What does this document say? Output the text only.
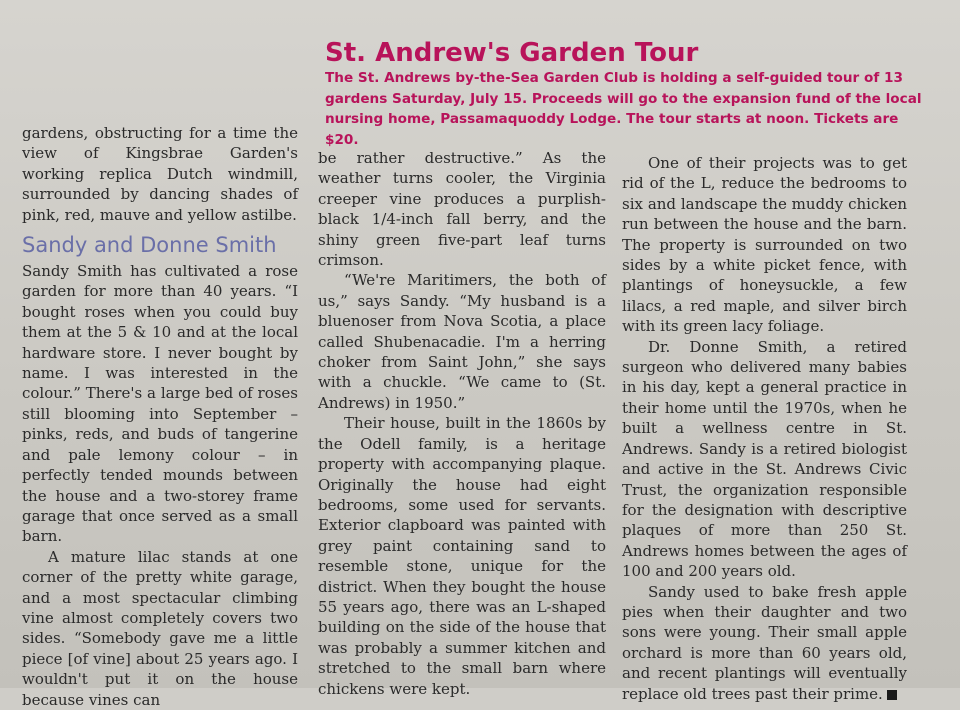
St. Andrew's Garden Tour

The St. Andrews by-the-Sea Garden Club is holding a self-guided tour of 13 gardens Saturday, July 15. Proceeds will go to the expansion fund of the local nursing home, Passamaquoddy Lodge. The tour starts at noon. Tickets are $20.

gardens, obstructing for a time the view of Kingsbrae Garden's working replica Dutch windmill, surrounded by dancing shades of pink, red, mauve and yellow astilbe.

Sandy and Donne Smith

Sandy Smith has cultivated a rose garden for more than 40 years. “I bought roses when you could buy them at the 5 & 10 and at the local hardware store. I never bought by name. I was interested in the colour.” There's a large bed of roses still blooming into September – pinks, reds, and buds of tangerine and pale lemony colour – in perfectly tended mounds between the house and a two-storey frame garage that once served as a small barn.

A mature lilac stands at one corner of the pretty white garage, and a most spectacular climbing vine almost completely covers two sides. “Somebody gave me a little piece [of vine] about 25 years ago. I wouldn't put it on the house because vines can

be rather destructive.” As the weather turns cooler, the Virginia creeper vine produces a purplish-black 1/4-inch fall berry, and the shiny green five-part leaf turns crimson.

“We're Maritimers, the both of us,” says Sandy. “My husband is a bluenoser from Nova Scotia, a place called Shubenacadie. I'm a herring choker from Saint John,” she says with a chuckle. “We came to (St. Andrews) in 1950.”

Their house, built in the 1860s by the Odell family, is a heritage property with accompanying plaque. Originally the house had eight bedrooms, some used for servants. Exterior clapboard was painted with grey paint containing sand to resemble stone, unique for the district. When they bought the house 55 years ago, there was an L-shaped building on the side of the house that was probably a summer kitchen and stretched to the small barn where chickens were kept.

One of their projects was to get rid of the L, reduce the bedrooms to six and landscape the muddy chicken run between the house and the barn. The property is surrounded on two sides by a white picket fence, with plantings of honeysuckle, a few lilacs, a red maple, and silver birch with its green lacy foliage.

Dr. Donne Smith, a retired surgeon who delivered many babies in his day, kept a general practice in their home until the 1970s, when he built a wellness centre in St. Andrews. Sandy is a retired biologist and active in the St. Andrews Civic Trust, the organization responsible for the designation with descriptive plaques of more than 250 St. Andrews homes between the ages of 100 and 200 years old.

Sandy used to bake fresh apple pies when their daughter and two sons were young. Their small apple orchard is more than 60 years old, and recent plantings will eventually replace old trees past their prime.
